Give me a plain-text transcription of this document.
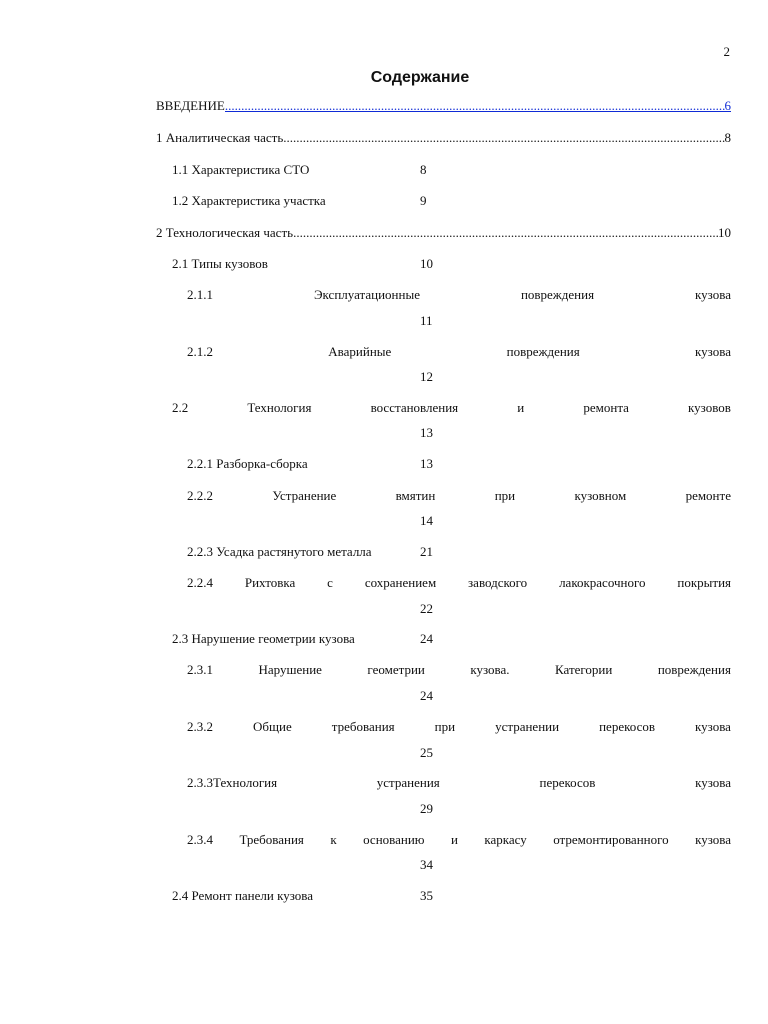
2
Содержание
ВВЕДЕНИЕ .....	6
1 Аналитическая часть .....	8
1.1 Характеристика СТО	8
1.2 Характеристика участка	9
2 Технологическая часть .....	10
2.1 Типы кузовов	10
2.1.1	Эксплуатационные	повреждения	кузова
11
2.1.2	Аварийные	повреждения	кузова
12
2.2	Технология	восстановления	и	ремонта	кузовов
13
2.2.1 Разборка-сборка	13
2.2.2	Устранение	вмятин	при	кузовном	ремонте
14
2.2.3 Усадка растянутого металла	21
2.2.4 Рихтовка с сохранением заводского лакокрасочного покрытия
22
2.3 Нарушение геометрии кузова	24
2.3.1	Нарушение	геометрии	кузова.	Категории	повреждения
24
2.3.2	Общие	требования	при	устранении	перекосов	кузова
25
2.3.3Технология	устранения	перекосов	кузова
29
2.3.4 Требования к основанию и каркасу отремонтированного кузова
34
2.4 Ремонт панели кузова	35
